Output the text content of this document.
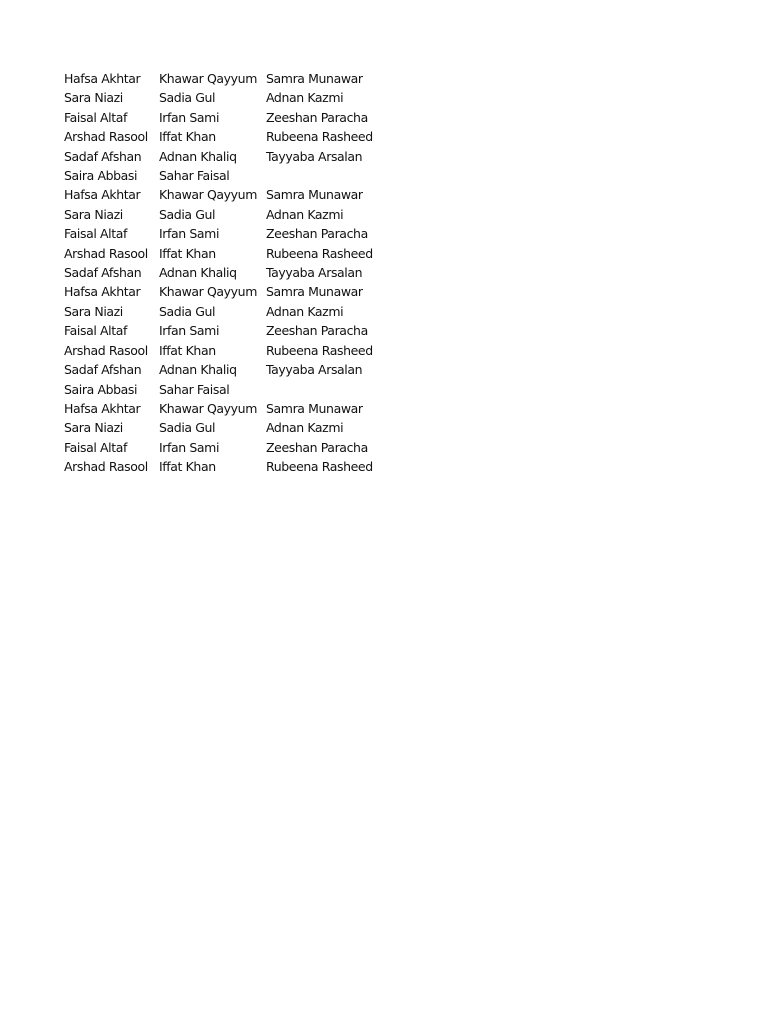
Hafsa Akhtar	Khawar Qayyum	Samra Munawar
Sara Niazi	Sadia Gul	Adnan Kazmi
Faisal Altaf	Irfan Sami	Zeeshan Paracha
Arshad Rasool	Iffat Khan	Rubeena Rasheed
Sadaf Afshan	Adnan Khaliq	Tayyaba Arsalan
Saira Abbasi	Sahar Faisal	
Hafsa Akhtar	Khawar Qayyum	Samra Munawar
Sara Niazi	Sadia Gul	Adnan Kazmi
Faisal Altaf	Irfan Sami	Zeeshan Paracha
Arshad Rasool	Iffat Khan	Rubeena Rasheed
Sadaf Afshan	Adnan Khaliq	Tayyaba Arsalan
Hafsa Akhtar	Khawar Qayyum	Samra Munawar
Sara Niazi	Sadia Gul	Adnan Kazmi
Faisal Altaf	Irfan Sami	Zeeshan Paracha
Arshad Rasool	Iffat Khan	Rubeena Rasheed
Sadaf Afshan	Adnan Khaliq	Tayyaba Arsalan
Saira Abbasi	Sahar Faisal	
Hafsa Akhtar	Khawar Qayyum	Samra Munawar
Sara Niazi	Sadia Gul	Adnan Kazmi
Faisal Altaf	Irfan Sami	Zeeshan Paracha
Arshad Rasool	Iffat Khan	Rubeena Rasheed
